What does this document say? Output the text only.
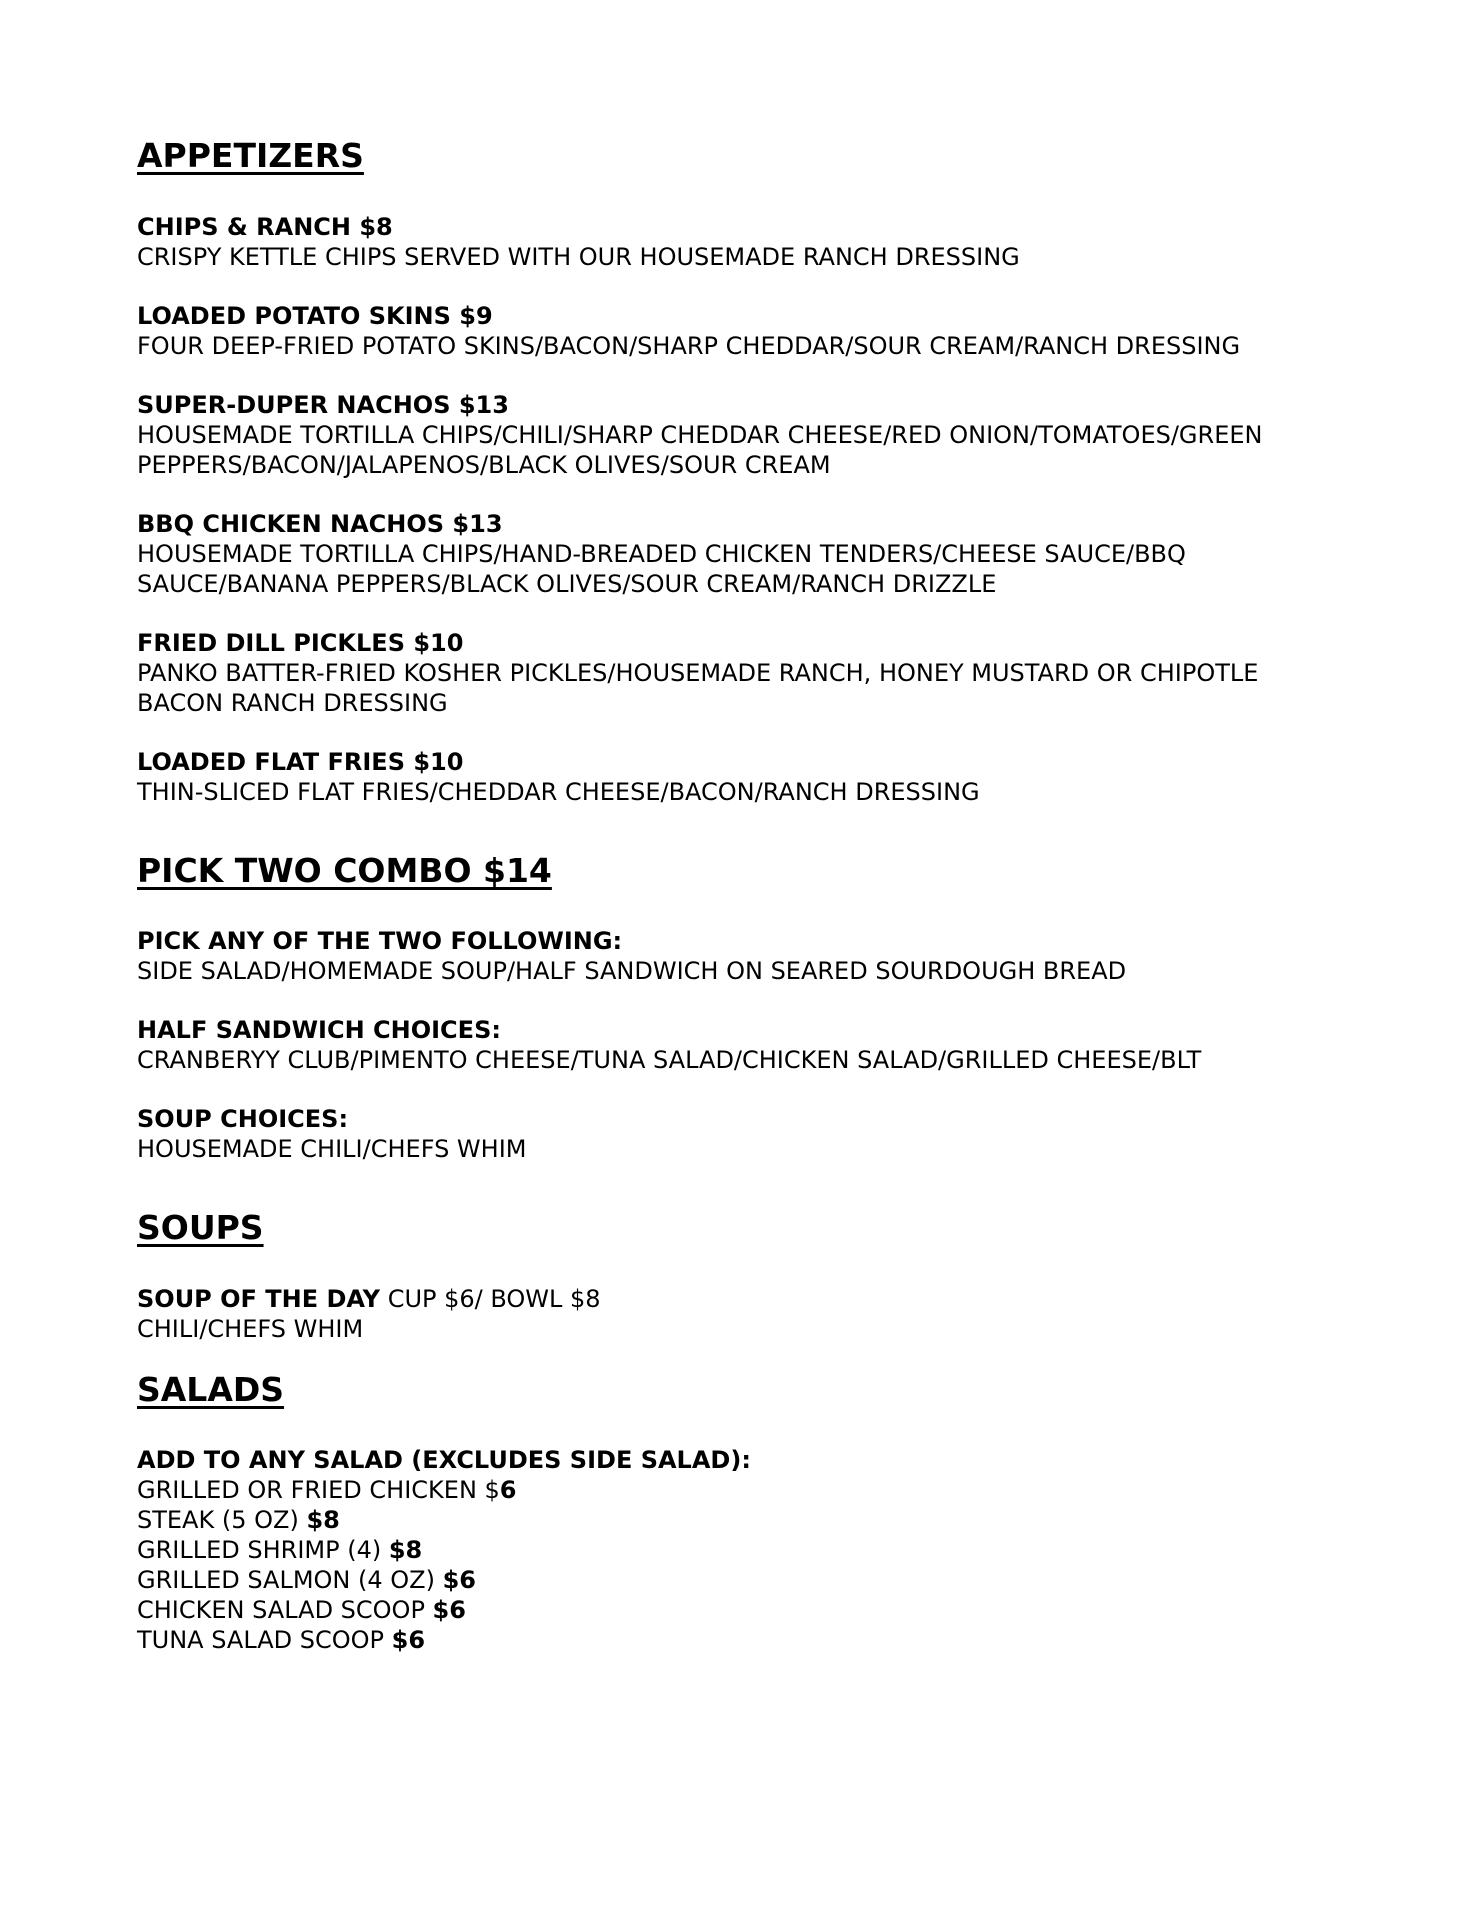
APPETIZERS

CHIPS & RANCH $8

CRISPY KETTLE CHIPS SERVED WITH OUR HOUSEMADE RANCH DRESSING

LOADED POTATO SKINS $9

FOUR DEEP-FRIED POTATO SKINS/BACON/SHARP CHEDDAR/SOUR CREAM/RANCH DRESSING

SUPER-DUPER NACHOS $13

HOUSEMADE TORTILLA CHIPS/CHILI/SHARP CHEDDAR CHEESE/RED ONION/TOMATOES/GREEN

PEPPERS/BACON/JALAPENOS/BLACK OLIVES/SOUR CREAM

BBQ CHICKEN NACHOS $13

HOUSEMADE TORTILLA CHIPS/HAND-BREADED CHICKEN TENDERS/CHEESE SAUCE/BBQ

SAUCE/BANANA PEPPERS/BLACK OLIVES/SOUR CREAM/RANCH DRIZZLE

FRIED DILL PICKLES $10

PANKO BATTER-FRIED KOSHER PICKLES/HOUSEMADE RANCH, HONEY MUSTARD OR CHIPOTLE

BACON RANCH DRESSING

LOADED FLAT FRIES $10

THIN-SLICED FLAT FRIES/CHEDDAR CHEESE/BACON/RANCH DRESSING

PICK TWO COMBO $14

PICK ANY OF THE TWO FOLLOWING:

SIDE SALAD/HOMEMADE SOUP/HALF SANDWICH ON SEARED SOURDOUGH BREAD

HALF SANDWICH CHOICES:

CRANBERYY CLUB/PIMENTO CHEESE/TUNA SALAD/CHICKEN SALAD/GRILLED CHEESE/BLT

SOUP CHOICES:

HOUSEMADE CHILI/CHEFS WHIM

SOUPS

SOUP OF THE DAY CUP $6/ BOWL $8

CHILI/CHEFS WHIM

SALADS

ADD TO ANY SALAD (EXCLUDES SIDE SALAD):

GRILLED OR FRIED CHICKEN $6

STEAK (5 OZ) $8

GRILLED SHRIMP (4) $8

GRILLED SALMON (4 OZ) $6

CHICKEN SALAD SCOOP $6

TUNA SALAD SCOOP $6
